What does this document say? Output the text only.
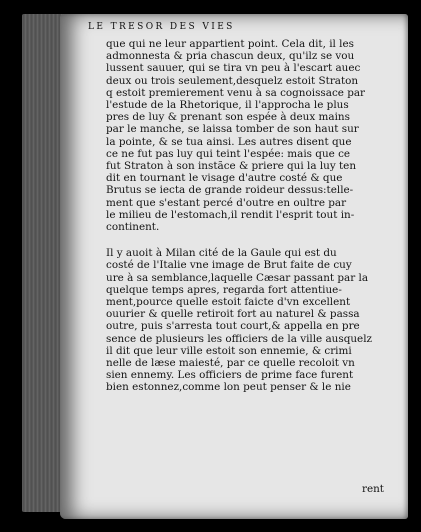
LE TRESOR DES VIES
que qui ne leur appartient point. Cela dit, il les
admonnesta & pria chascun deux, qu'ilz se vou
lussent sauuer, qui se tira vn peu à l'escart auec
deux ou trois seulement,desquelz estoit Straton
q estoit premierement venu à sa cognoissace par
l'estude de la Rhetorique, il l'approcha le plus
pres de luy & prenant son espée à deux mains
par le manche, se laissa tomber de son haut sur
la pointe, & se tua ainsi. Les autres disent que
ce ne fut pas luy qui teint l'espée: mais que ce
fut Straton à son instãce & priere qui la luy ten
dit en tournant le visage d'autre costé & que
Brutus se iecta de grande roideur dessus:telle-
ment que s'estant percé d'outre en oultre par
le milieu de l'estomach,il rendit l'esprit tout in-
continent.
Il y auoit à Milan cité de la Gaule qui est du
costé de l'Italie vne image de Brut faite de cuy
ure à sa semblance,laquelle Cæsar passant par la
quelque temps apres, regarda fort attentiue-
ment,pource quelle estoit faicte d'vn excellent
ouurier & quelle retiroit fort au naturel & passa
outre, puis s'arresta tout court,& appella en pre
sence de plusieurs les officiers de la ville ausquelz
il dit que leur ville estoit son ennemie, & crimi
nelle de læse maiesté, par ce quelle recoloit vn
sien ennemy. Les officiers de prime face furent
bien estonnez,comme lon peut penser & le nie
rent
